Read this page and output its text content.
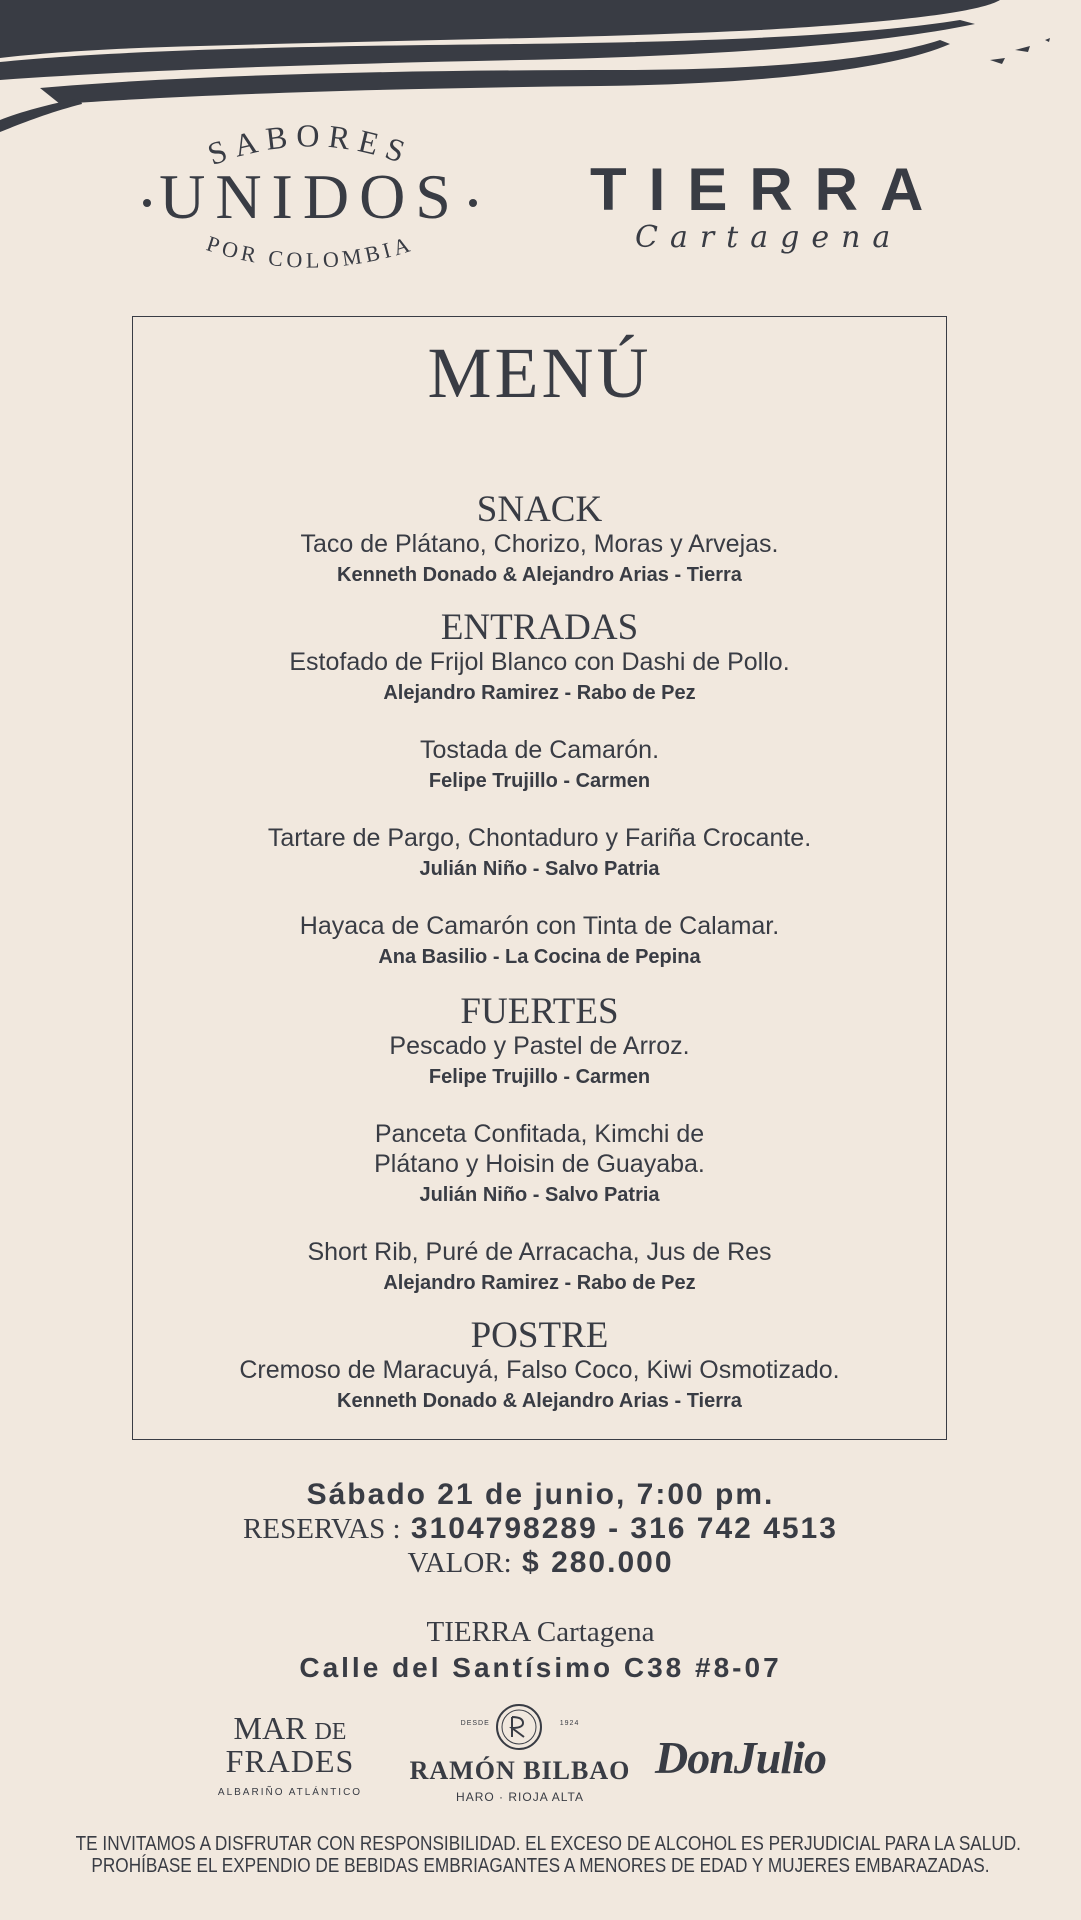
SABORES
UNIDOS
POR COLOMBIA
TIERRA
Cartagena
MENÚ
SNACK
Taco de Plátano, Chorizo, Moras y Arvejas.
Kenneth Donado & Alejandro Arias - Tierra
ENTRADAS
Estofado de Frijol Blanco con Dashi de Pollo.
Alejandro Ramirez - Rabo de Pez
Tostada de Camarón.
Felipe Trujillo - Carmen
Tartare de Pargo, Chontaduro y Fariña Crocante.
Julián Niño - Salvo Patria
Hayaca de Camarón con Tinta de Calamar.
Ana Basilio - La Cocina de Pepina
FUERTES
Pescado y Pastel de Arroz.
Felipe Trujillo - Carmen
Panceta Confitada, Kimchi de
Plátano y Hoisin de Guayaba.
Julián Niño - Salvo Patria
Short Rib, Puré de Arracacha, Jus de Res
Alejandro Ramirez - Rabo de Pez
POSTRE
Cremoso de Maracuyá, Falso Coco, Kiwi Osmotizado.
Kenneth Donado & Alejandro Arias - Tierra
Sábado 21 de junio, 7:00 pm.
RESERVAS : 3104798289 - 316 742 4513
VALOR: $ 280.000
TIERRA Cartagena
Calle del Santísimo C38 #8-07
MAR DE
FRADES
ALBARIÑO ATLÁNTICO
DESDE	1924
RAMÓN BILBAO
HARO · RIOJA ALTA
DonJulio
TE INVITAMOS A DISFRUTAR CON RESPONSIBILIDAD. EL EXCESO DE ALCOHOL ES PERJUDICIAL PARA LA SALUD.
PROHÍBASE EL EXPENDIO DE BEBIDAS EMBRIAGANTES A MENORES DE EDAD Y MUJERES EMBARAZADAS.
